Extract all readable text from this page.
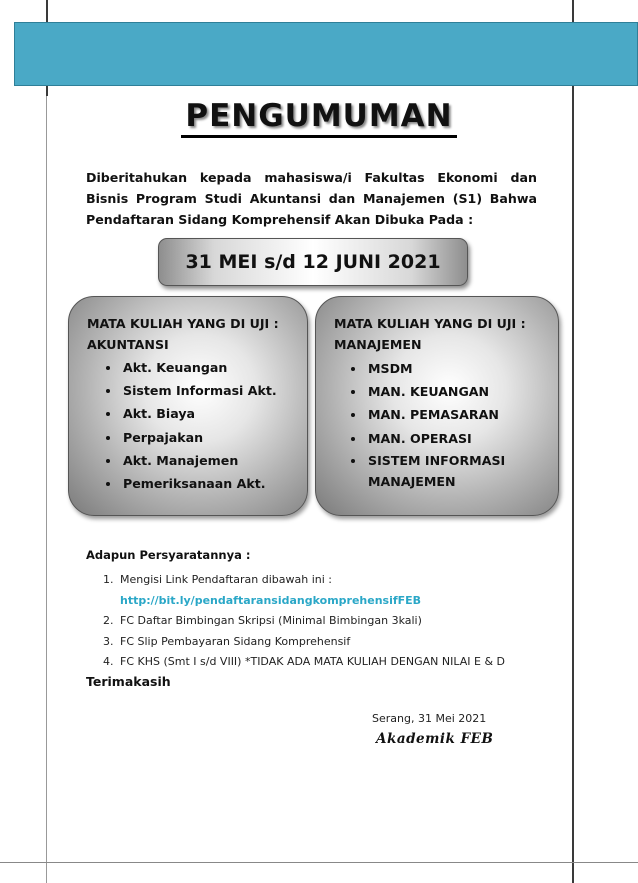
PENGUMUMAN
Diberitahukan kepada mahasiswa/i Fakultas Ekonomi dan Bisnis Program Studi Akuntansi dan Manajemen (S1) Bahwa Pendaftaran Sidang Komprehensif Akan Dibuka Pada :
31 MEI s/d 12 JUNI 2021
MATA KULIAH YANG DI UJI :
AKUNTANSI
• Akt. Keuangan
• Sistem Informasi Akt.
• Akt. Biaya
• Perpajakan
• Akt. Manajemen
• Pemeriksanaan Akt.
MATA KULIAH YANG DI UJI :
MANAJEMEN
• MSDM
• MAN. KEUANGAN
• MAN. PEMASARAN
• MAN. OPERASI
• SISTEM INFORMASI MANAJEMEN
Adapun Persyaratannya :
1. Mengisi Link Pendaftaran dibawah ini :
http://bit.ly/pendaftaransidangkomprehensifFEB
2. FC Daftar Bimbingan Skripsi (Minimal Bimbingan 3kali)
3. FC Slip Pembayaran Sidang Komprehensif
4. FC KHS (Smt I s/d VIII) *TIDAK ADA MATA KULIAH DENGAN NILAI E & D
Terimakasih
Serang, 31 Mei 2021
Akademik FEB
